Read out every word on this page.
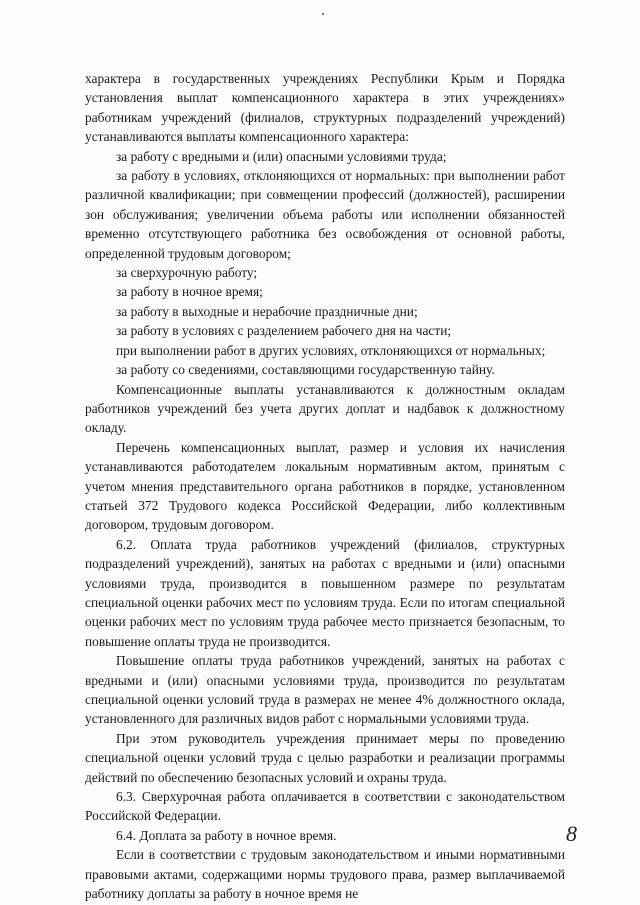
характера в государственных учреждениях Республики Крым и Порядка установления выплат компенсационного характера в этих учреждениях» работникам учреждений (филиалов, структурных подразделений учреждений) устанавливаются выплаты компенсационного характера:

за работу с вредными и (или) опасными условиями труда;

за работу в условиях, отклоняющихся от нормальных: при выполнении работ различной квалификации; при совмещении профессий (должностей), расширении зон обслуживания; увеличении объема работы или исполнении обязанностей временно отсутствующего работника без освобождения от основной работы, определенной трудовым договором;

за сверхурочную работу;

за работу в ночное время;

за работу в выходные и нерабочие праздничные дни;

за работу в условиях с разделением рабочего дня на части;

при выполнении работ в других условиях, отклоняющихся от нормальных;

за работу со сведениями, составляющими государственную тайну.

Компенсационные выплаты устанавливаются к должностным окладам работников учреждений без учета других доплат и надбавок к должностному окладу.

Перечень компенсационных выплат, размер и условия их начисления устанавливаются работодателем локальным нормативным актом, принятым с учетом мнения представительного органа работников в порядке, установленном статьей 372 Трудового кодекса Российской Федерации, либо коллективным договором, трудовым договором.

6.2. Оплата труда работников учреждений (филиалов, структурных подразделений учреждений), занятых на работах с вредными и (или) опасными условиями труда, производится в повышенном размере по результатам специальной оценки рабочих мест по условиям труда. Если по итогам специальной оценки рабочих мест по условиям труда рабочее место признается безопасным, то повышение оплаты труда не производится.

Повышение оплаты труда работников учреждений, занятых на работах с вредными и (или) опасными условиями труда, производится по результатам специальной оценки условий труда в размерах не менее 4% должностного оклада, установленного для различных видов работ с нормальными условиями труда.

При этом руководитель учреждения принимает меры по проведению специальной оценки условий труда с целью разработки и реализации программы действий по обеспечению безопасных условий и охраны труда.

6.3. Сверхурочная работа оплачивается в соответствии с законодательством Российской Федерации.

6.4. Доплата за работу в ночное время.

Если в соответствии с трудовым законодательством и иными нормативными правовыми актами, содержащими нормы трудового права, размер выплачиваемой работнику доплаты за работу в ночное время не

8
